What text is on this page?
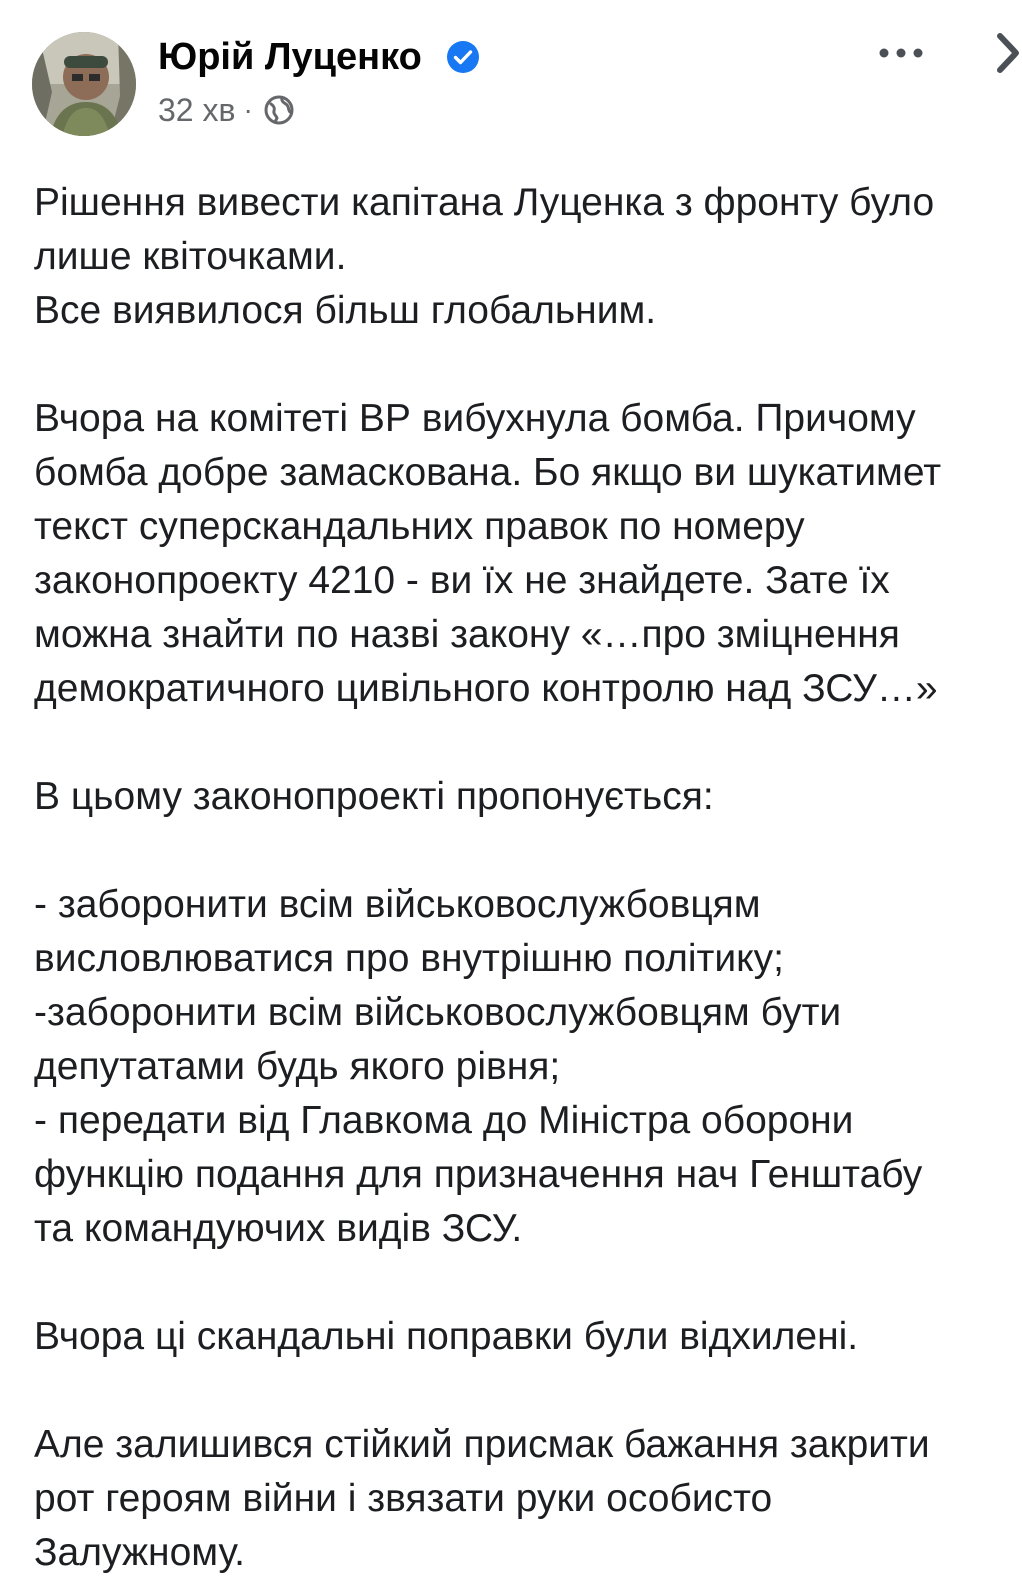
Юрій Луценко
32 хв ·
Рішення вивести капітана Луценка з фронту було
лише квіточками.
Все виявилося більш глобальним.
Вчора на комітеті ВР вибухнула бомба. Причому
бомба добре замаскована. Бо якщо ви шукатимет
текст суперскандальних правок по номеру
законопроекту 4210 - ви їх не знайдете. Зате їх
можна знайти по назві закону «…про зміцнення
демократичного цивільного контролю над ЗСУ…»
В цьому законопроекті пропонується:
- заборонити всім військовослужбовцям
висловлюватися про внутрішню політику;
-заборонити всім військовослужбовцям бути
депутатами будь якого рівня;
- передати від Главкома до Міністра оборони
функцію подання для призначення нач Генштабу
та командуючих видів ЗСУ.
Вчора ці скандальні поправки були відхилені.
Але залишився стійкий присмак бажання закрити
рот героям війни і звязати руки особисто
Залужному.
